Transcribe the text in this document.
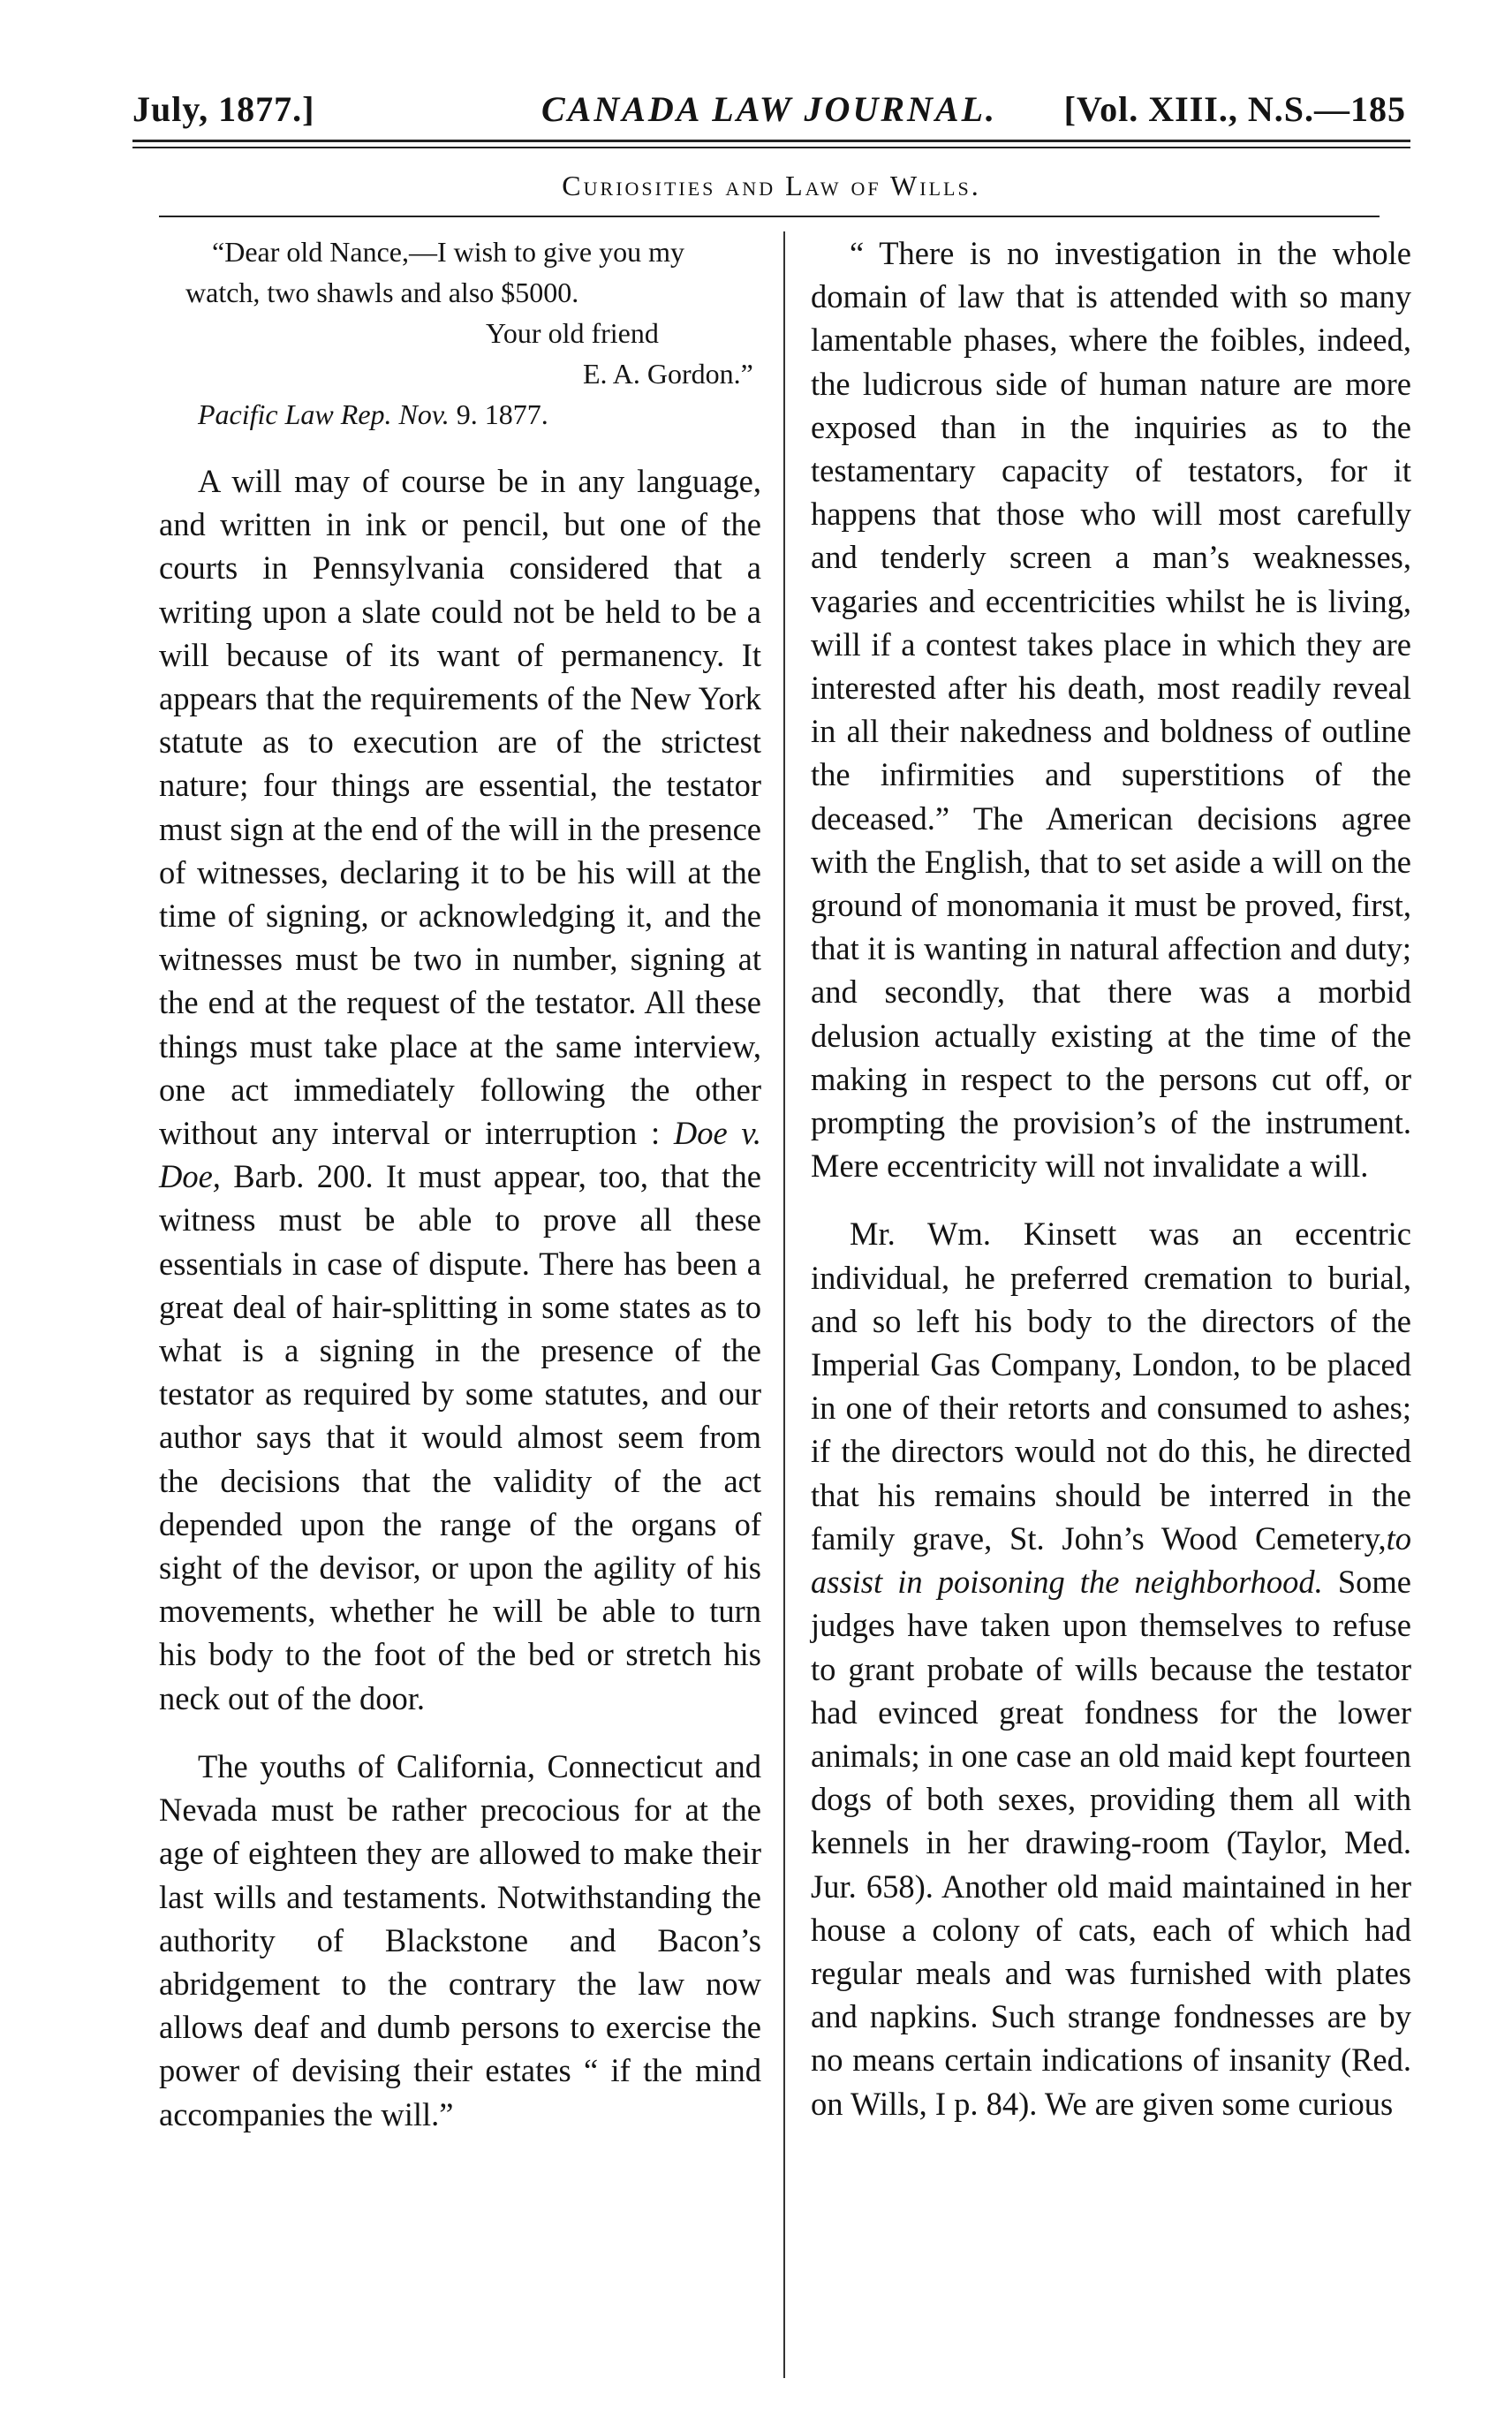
July, 1877.]	CANADA LAW JOURNAL.	[Vol. XIII., N.S.—185
Curiosities and Law of Wills.
“Dear old Nance,—I wish to give you my watch, two shawls and also $5000.
Your old friend
E. A. Gordon.”

Pacific Law Rep. Nov. 9. 1877.

A will may of course be in any language, and written in ink or pencil, but one of the courts in Pennsylvania considered that a writing upon a slate could not be held to be a will because of its want of permanency. It appears that the requirements of the New York statute as to execution are of the strictest nature; four things are essential, the testator must sign at the end of the will in the presence of witnesses, declaring it to be his will at the time of signing, or acknowledging it, and the witnesses must be two in number, signing at the end at the request of the testator. All these things must take place at the same interview, one act immediately following the other without any interval or interruption : Doe v. Doe, Barb. 200. It must appear, too, that the witness must be able to prove all these essentials in case of dispute. There has been a great deal of hair-splitting in some states as to what is a signing in the presence of the testator as required by some statutes, and our author says that it would almost seem from the decisions that the validity of the act depended upon the range of the organs of sight of the devisor, or upon the agility of his movements, whether he will be able to turn his body to the foot of the bed or stretch his neck out of the door.

The youths of California, Connecticut and Nevada must be rather precocious for at the age of eighteen they are allowed to make their last wills and testaments. Notwithstanding the authority of Blackstone and Bacon’s abridgement to the contrary the law now allows deaf and dumb persons to exercise the power of devising their estates “ if the mind accompanies the will.”

“ There is no investigation in the whole domain of law that is attended with so many lamentable phases, where the foibles, indeed, the ludicrous side of human nature are more exposed than in the inquiries as to the testamentary capacity of testators, for it happens that those who will most carefully and tenderly screen a man’s weaknesses, vagaries and eccentricities whilst he is living, will if a contest takes place in which they are interested after his death, most readily reveal in all their nakedness and boldness of outline the infirmities and superstitions of the deceased.” The American decisions agree with the English, that to set aside a will on the ground of monomania it must be proved, first, that it is wanting in natural affection and duty; and secondly, that there was a morbid delusion actually existing at the time of the making in respect to the persons cut off, or prompting the provision’s of the instrument. Mere eccentricity will not invalidate a will.

Mr. Wm. Kinsett was an eccentric individual, he preferred cremation to burial, and so left his body to the directors of the Imperial Gas Company, London, to be placed in one of their retorts and consumed to ashes; if the directors would not do this, he directed that his remains should be interred in the family grave, St. John’s Wood Cemetery,to assist in poisoning the neighborhood. Some judges have taken upon themselves to refuse to grant probate of wills because the testator had evinced great fondness for the lower animals; in one case an old maid kept fourteen dogs of both sexes, providing them all with kennels in her drawing-room (Taylor, Med. Jur. 658). Another old maid maintained in her house a colony of cats, each of which had regular meals and was furnished with plates and napkins. Such strange fondnesses are by no means certain indications of insanity (Red. on Wills, I p. 84). We are given some curious
